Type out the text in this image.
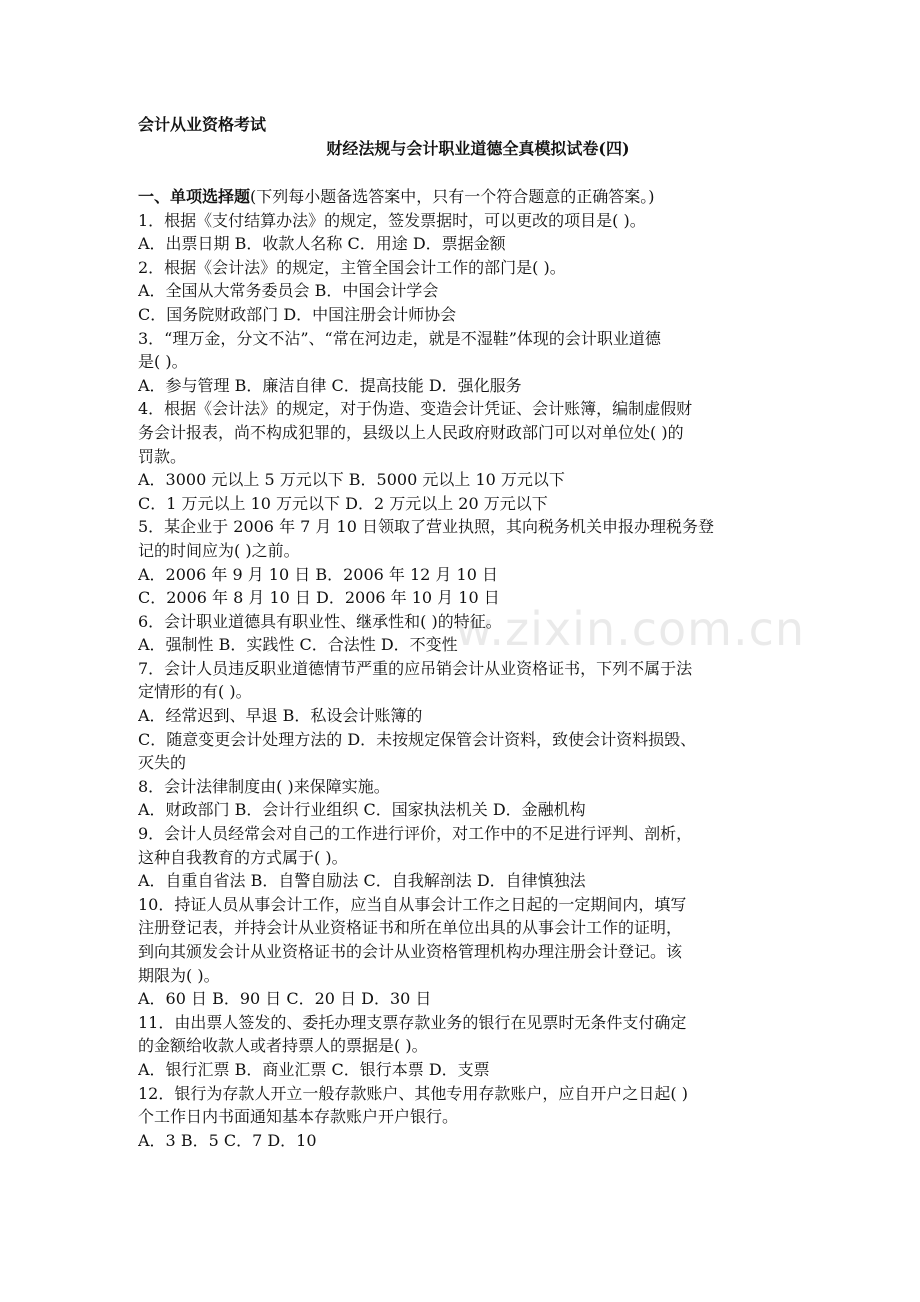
会计从业资格考试
财经法规与会计职业道德全真模拟试卷(四)
一、单项选择题(下列每小题备选答案中，只有一个符合题意的正确答案。)
1．根据《支付结算办法》的规定，签发票据时，可以更改的项目是( )。
A．出票日期 B．收款人名称 C．用途 D．票据金额
2．根据《会计法》的规定，主管全国会计工作的部门是( )。
A．全国从大常务委员会 B．中国会计学会
C．国务院财政部门 D．中国注册会计师协会
3．“理万金，分文不沾”、“常在河边走，就是不湿鞋”体现的会计职业道德
是( )。
A．参与管理 B．廉洁自律 C．提高技能 D．强化服务
4．根据《会计法》的规定，对于伪造、变造会计凭证、会计账簿，编制虚假财
务会计报表，尚不构成犯罪的，县级以上人民政府财政部门可以对单位处( )的
罚款。
A．3000 元以上 5 万元以下 B．5000 元以上 10 万元以下
C．1 万元以上 10 万元以下 D．2 万元以上 20 万元以下
5．某企业于 2006 年 7 月 10 日领取了营业执照，其向税务机关申报办理税务登
记的时间应为( )之前。
A．2006 年 9 月 10 日 B．2006 年 12 月 10 日
C．2006 年 8 月 10 日 D．2006 年 10 月 10 日
6．会计职业道德具有职业性、继承性和( )的特征。
A．强制性 B．实践性 C．合法性 D．不变性
7．会计人员违反职业道德情节严重的应吊销会计从业资格证书，下列不属于法
定情形的有( )。
A．经常迟到、早退 B．私设会计账簿的
C．随意变更会计处理方法的 D．未按规定保管会计资料，致使会计资料损毁、
灭失的
8．会计法律制度由( )来保障实施。
A．财政部门 B．会计行业组织 C．国家执法机关 D．金融机构
9．会计人员经常会对自己的工作进行评价，对工作中的不足进行评判、剖析，
这种自我教育的方式属于( )。
A．自重自省法 B．自警自励法 C．自我解剖法 D．自律慎独法
10．持证人员从事会计工作，应当自从事会计工作之日起的一定期间内，填写
注册登记表，并持会计从业资格证书和所在单位出具的从事会计工作的证明，
到向其颁发会计从业资格证书的会计从业资格管理机构办理注册会计登记。该
期限为( )。
A．60 日 B．90 日 C．20 日 D．30 日
11．由出票人签发的、委托办理支票存款业务的银行在见票时无条件支付确定
的金额给收款人或者持票人的票据是( )。
A．银行汇票 B．商业汇票 C．银行本票 D．支票
12．银行为存款人开立一般存款账户、其他专用存款账户，应自开户之日起( )
个工作日内书面通知基本存款账户开户银行。
A．3 B．5 C．7 D．10
w.zixin.com.cn
